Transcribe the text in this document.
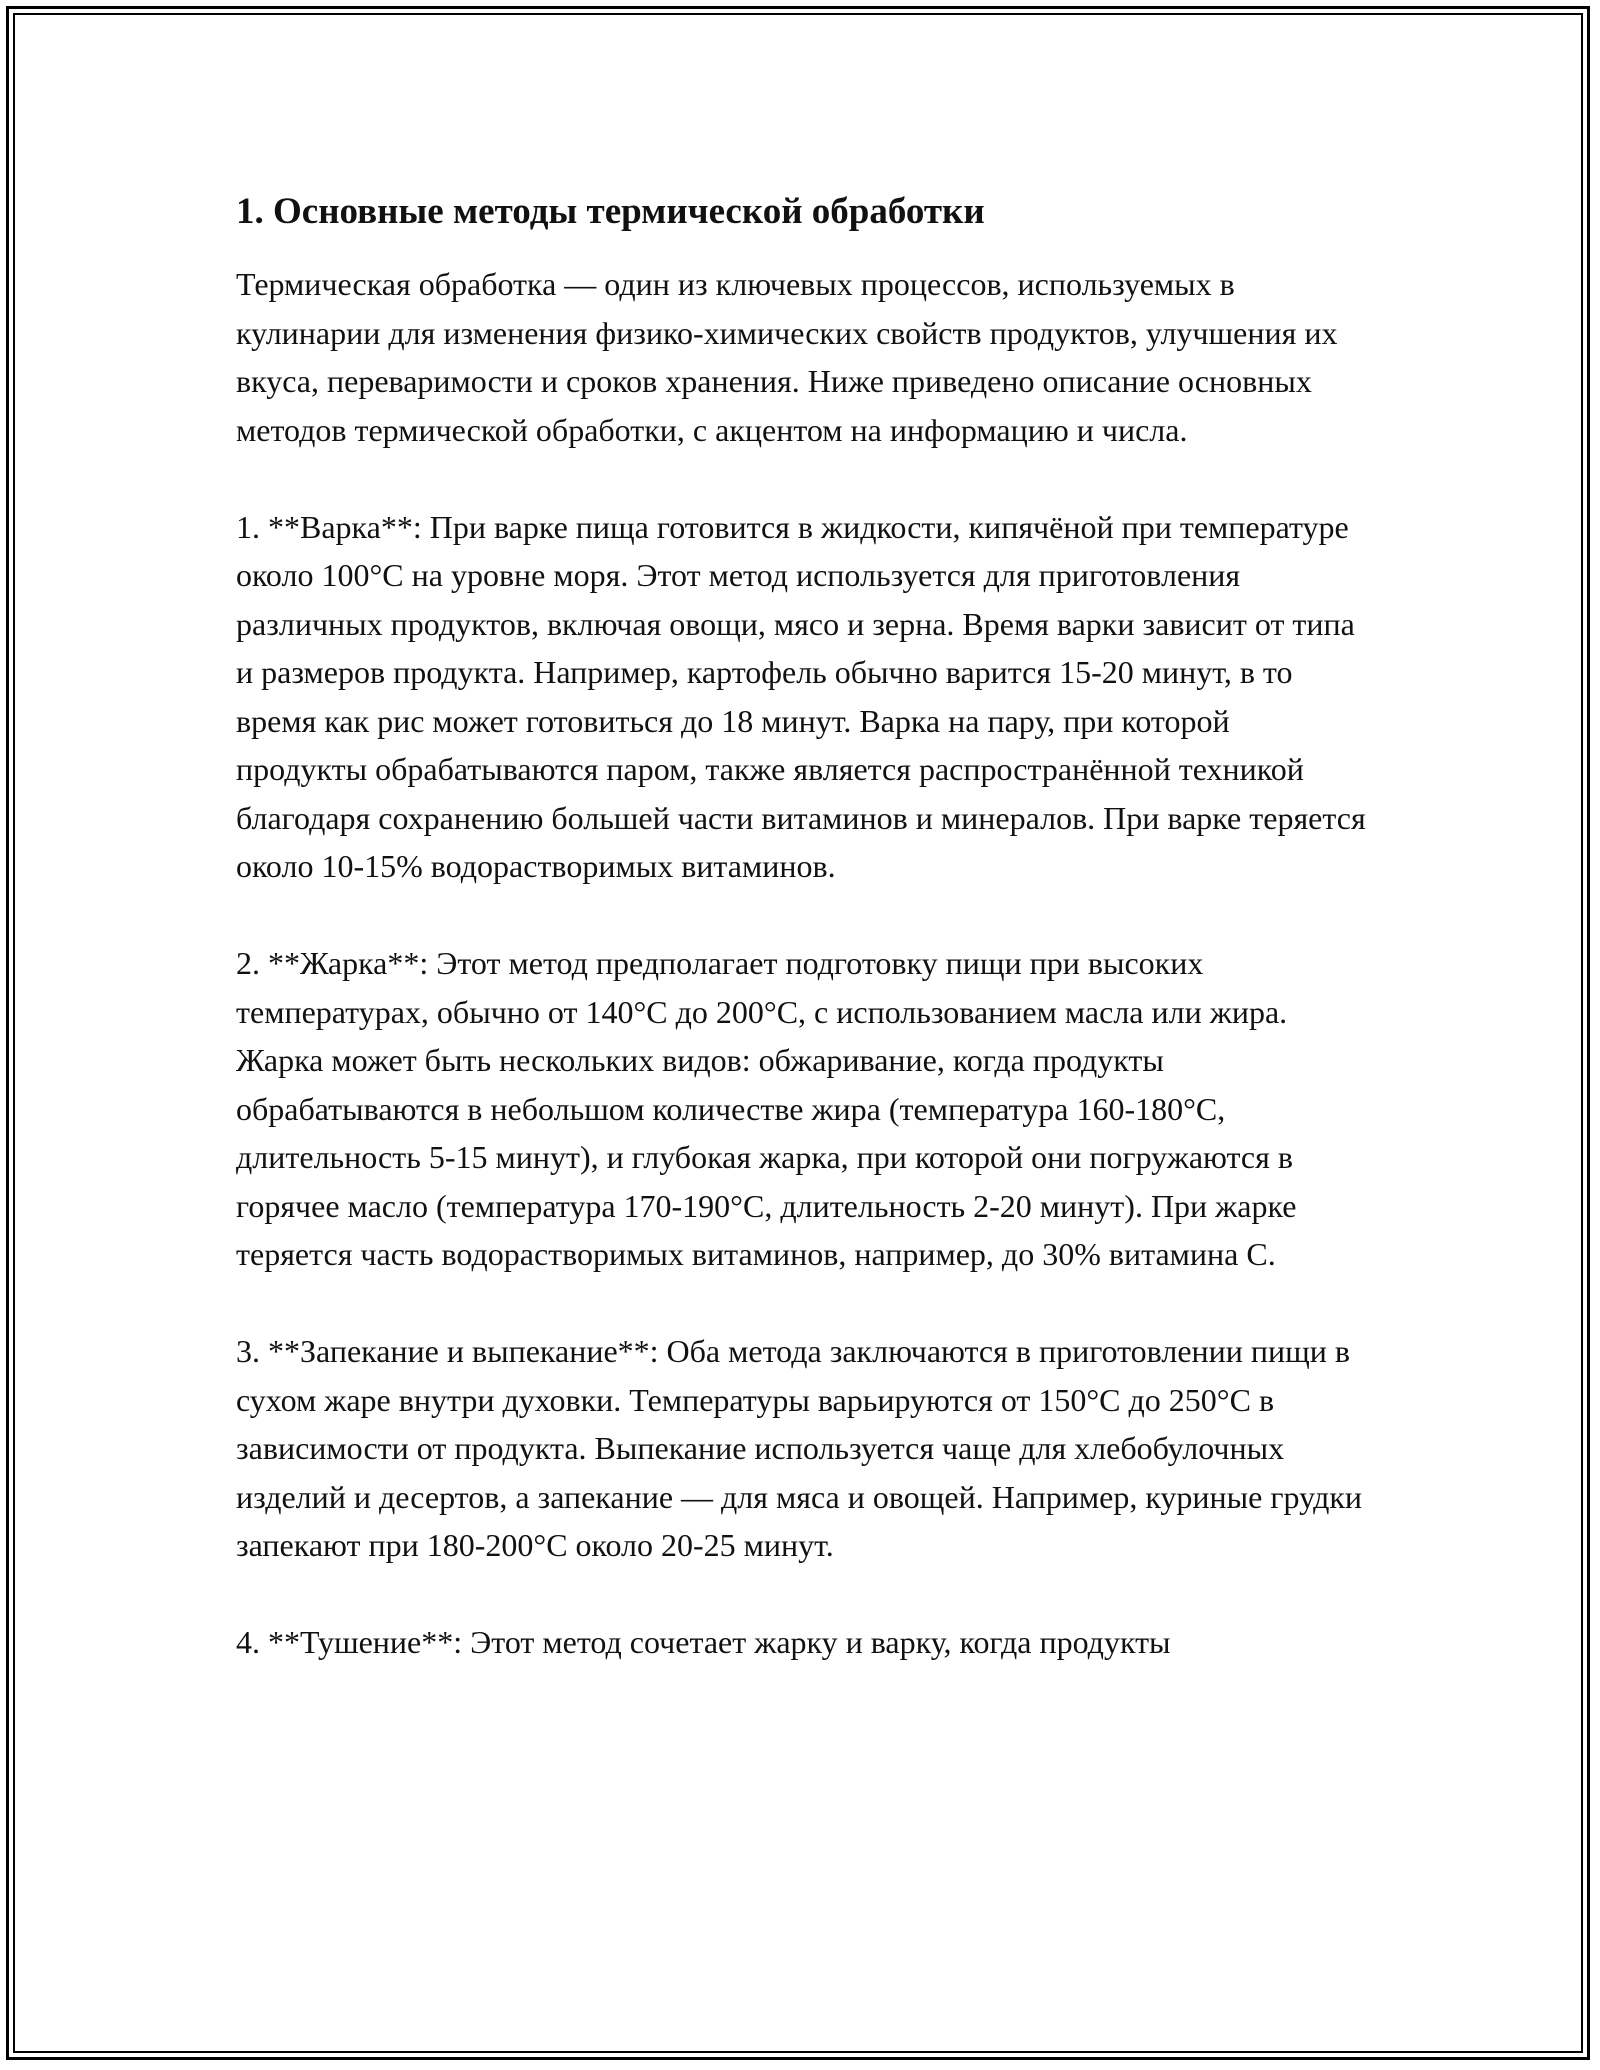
1. Основные методы термической обработки

Термическая обработка — один из ключевых процессов, используемых в кулинарии для изменения физико-химических свойств продуктов, улучшения их вкуса, переваримости и сроков хранения. Ниже приведено описание основных методов термической обработки, с акцентом на информацию и числа.

1. **Варка**: При варке пища готовится в жидкости, кипячёной при температуре около 100°C на уровне моря. Этот метод используется для приготовления различных продуктов, включая овощи, мясо и зерна. Время варки зависит от типа и размеров продукта. Например, картофель обычно варится 15-20 минут, в то время как рис может готовиться до 18 минут. Варка на пару, при которой продукты обрабатываются паром, также является распространённой техникой благодаря сохранению большей части витаминов и минералов. При варке теряется около 10-15% водорастворимых витаминов.

2. **Жарка**: Этот метод предполагает подготовку пищи при высоких температурах, обычно от 140°C до 200°C, с использованием масла или жира. Жарка может быть нескольких видов: обжаривание, когда продукты обрабатываются в небольшом количестве жира (температура 160-180°C, длительность 5-15 минут), и глубокая жарка, при которой они погружаются в горячее масло (температура 170-190°C, длительность 2-20 минут). При жарке теряется часть водорастворимых витаминов, например, до 30% витамина C.

3. **Запекание и выпекание**: Оба метода заключаются в приготовлении пищи в сухом жаре внутри духовки. Температуры варьируются от 150°C до 250°C в зависимости от продукта. Выпекание используется чаще для хлебобулочных изделий и десертов, а запекание — для мяса и овощей. Например, куриные грудки запекают при 180-200°C около 20-25 минут.

4. **Тушение**: Этот метод сочетает жарку и варку, когда продукты
